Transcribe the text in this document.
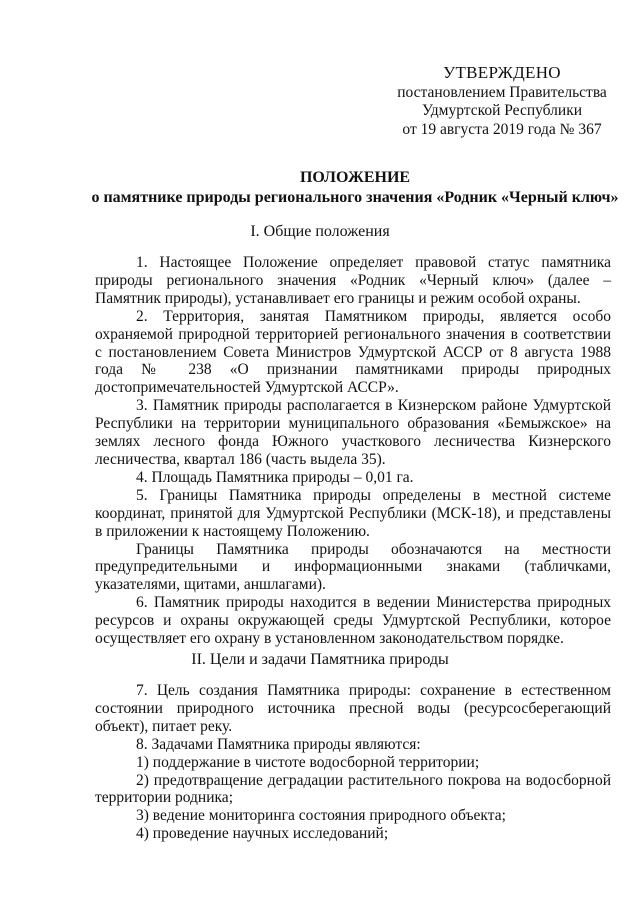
УТВЕРЖДЕНО
постановлением Правительства
Удмуртской Республики
от 19 августа 2019 года № 367
ПОЛОЖЕНИЕ
о памятнике природы регионального значения «Родник «Черный ключ»
I. Общие положения

1. Настоящее Положение определяет правовой статус памятника природы регионального значения «Родник «Черный ключ» (далее – Памятник природы), устанавливает его границы и режим особой охраны.

2. Территория, занятая Памятником природы, является особо охраняемой природной территорией регионального значения в соответствии с постановлением Совета Министров Удмуртской АССР от 8 августа 1988 года № 238 «О признании памятниками природы природных достопримечательностей Удмуртской АССР».

3. Памятник природы располагается в Кизнерском районе Удмуртской Республики на территории муниципального образования «Бемыжское» на землях лесного фонда Южного участкового лесничества Кизнерского лесничества, квартал 186 (часть выдела 35).

4. Площадь Памятника природы – 0,01 га.

5. Границы Памятника природы определены в местной системе координат, принятой для Удмуртской Республики (МСК-18), и представлены в приложении к настоящему Положению.

Границы Памятника природы обозначаются на местности предупредительными и информационными знаками (табличками, указателями, щитами, аншлагами).

6. Памятник природы находится в ведении Министерства природных ресурсов и охраны окружающей среды Удмуртской Республики, которое осуществляет его охрану в установленном законодательством порядке.

II. Цели и задачи Памятника природы

7. Цель создания Памятника природы: сохранение в естественном состоянии природного источника пресной воды (ресурсосберегающий объект), питает реку.

8. Задачами Памятника природы являются:

1) поддержание в чистоте водосборной территории;

2) предотвращение деградации растительного покрова на водосборной территории родника;

3) ведение мониторинга состояния природного объекта;

4) проведение научных исследований;
